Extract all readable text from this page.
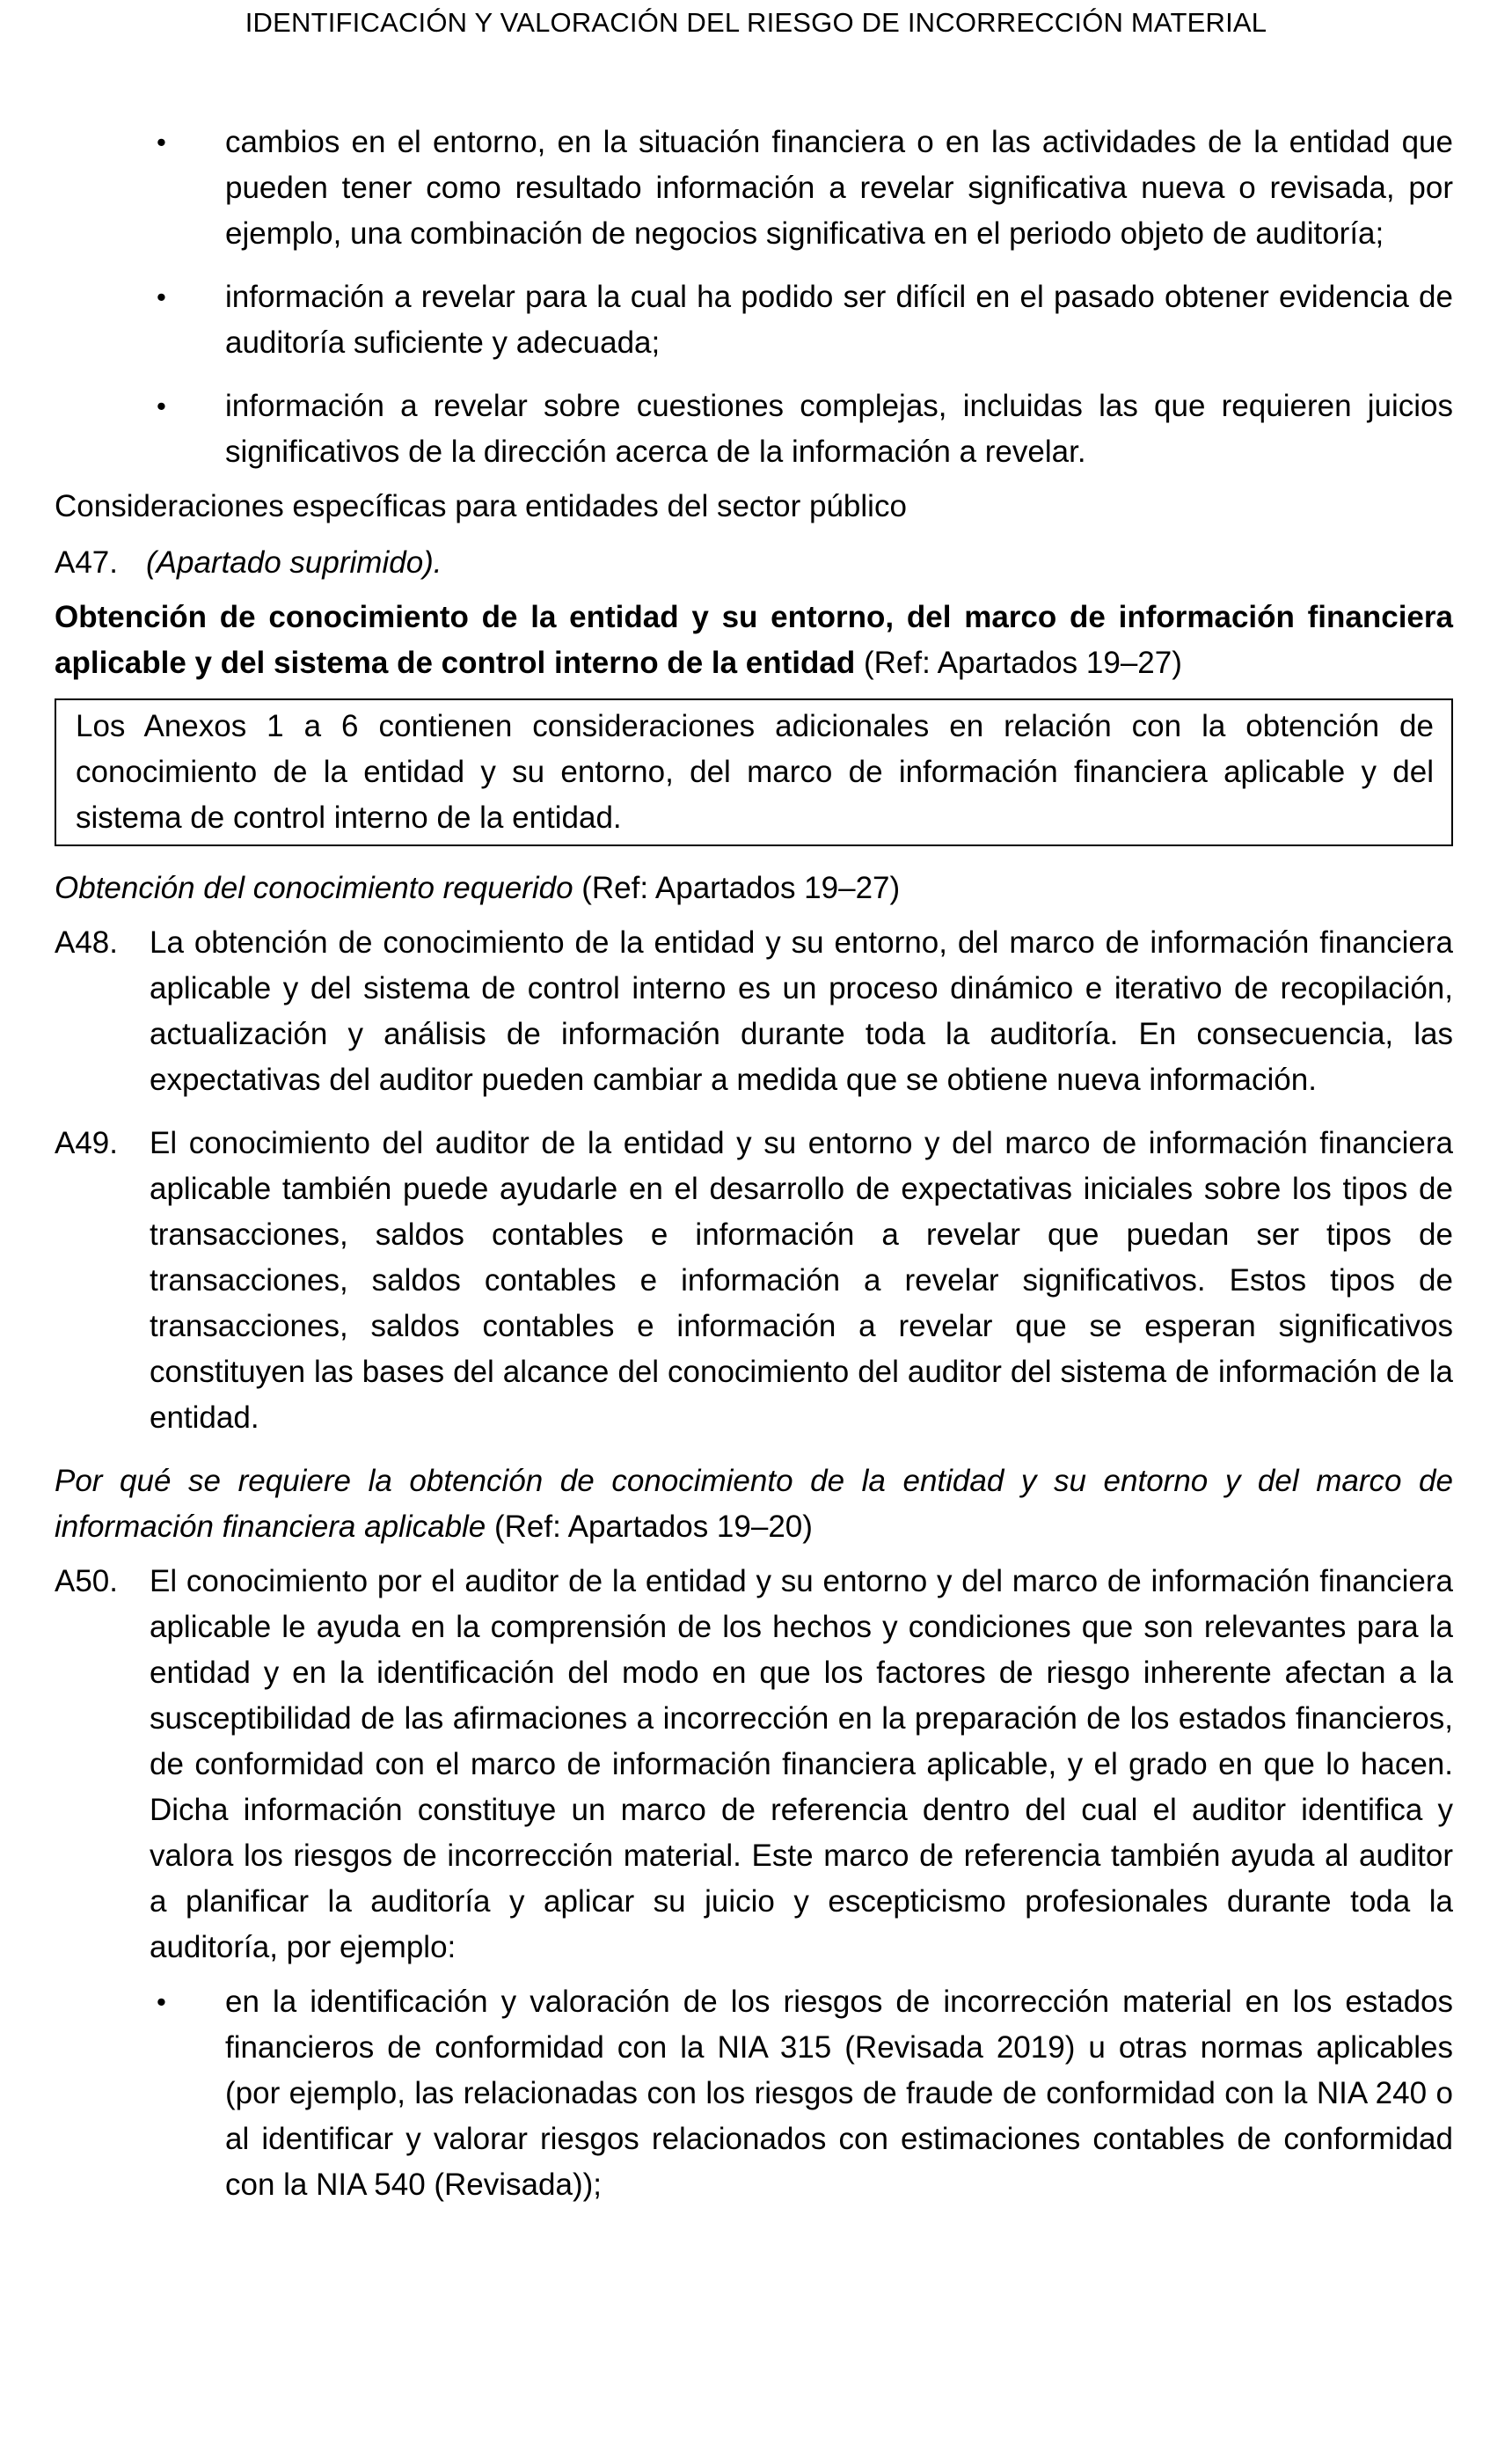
IDENTIFICACIÓN Y VALORACIÓN DEL RIESGO DE INCORRECCIÓN MATERIAL
•	cambios en el entorno, en la situación financiera o en las actividades de la entidad que pueden tener como resultado información a revelar significativa nueva o revisada, por ejemplo, una combinación de negocios significativa en el periodo objeto de auditoría;
•	información a revelar para la cual ha podido ser difícil en el pasado obtener evidencia de auditoría suficiente y adecuada;
•	información a revelar sobre cuestiones complejas, incluidas las que requieren juicios significativos de la dirección acerca de la información a revelar.
Consideraciones específicas para entidades del sector público
A47. (Apartado suprimido).
Obtención de conocimiento de la entidad y su entorno, del marco de información financiera aplicable y del sistema de control interno de la entidad (Ref: Apartados 19–27)
Los Anexos 1 a 6 contienen consideraciones adicionales en relación con la obtención de conocimiento de la entidad y su entorno, del marco de información financiera aplicable y del sistema de control interno de la entidad.
Obtención del conocimiento requerido (Ref: Apartados 19–27)
A48.	La obtención de conocimiento de la entidad y su entorno, del marco de información financiera aplicable y del sistema de control interno es un proceso dinámico e iterativo de recopilación, actualización y análisis de información durante toda la auditoría. En consecuencia, las expectativas del auditor pueden cambiar a medida que se obtiene nueva información.
A49.	El conocimiento del auditor de la entidad y su entorno y del marco de información financiera aplicable también puede ayudarle en el desarrollo de expectativas iniciales sobre los tipos de transacciones, saldos contables e información a revelar que puedan ser tipos de transacciones, saldos contables e información a revelar significativos. Estos tipos de transacciones, saldos contables e información a revelar que se esperan significativos constituyen las bases del alcance del conocimiento del auditor del sistema de información de la entidad.
Por qué se requiere la obtención de conocimiento de la entidad y su entorno y del marco de información financiera aplicable (Ref: Apartados 19–20)
A50.	El conocimiento por el auditor de la entidad y su entorno y del marco de información financiera aplicable le ayuda en la comprensión de los hechos y condiciones que son relevantes para la entidad y en la identificación del modo en que los factores de riesgo inherente afectan a la susceptibilidad de las afirmaciones a incorrección en la preparación de los estados financieros, de conformidad con el marco de información financiera aplicable, y el grado en que lo hacen. Dicha información constituye un marco de referencia dentro del cual el auditor identifica y valora los riesgos de incorrección material. Este marco de referencia también ayuda al auditor a planificar la auditoría y aplicar su juicio y escepticismo profesionales durante toda la auditoría, por ejemplo:
•	en la identificación y valoración de los riesgos de incorrección material en los estados financieros de conformidad con la NIA 315 (Revisada 2019) u otras normas aplicables (por ejemplo, las relacionadas con los riesgos de fraude de conformidad con la NIA 240 o al identificar y valorar riesgos relacionados con estimaciones contables de conformidad con la NIA 540 (Revisada));
